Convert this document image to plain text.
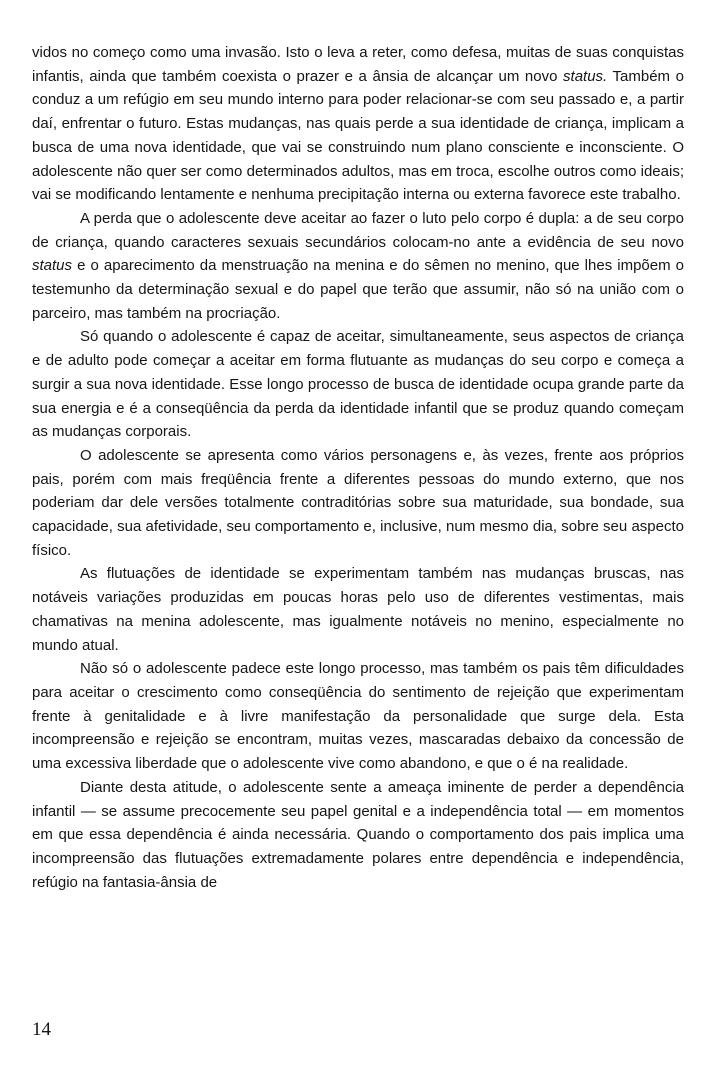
vidos no começo como uma invasão. Isto o leva a reter, como defesa, muitas de suas conquistas infantis, ainda que também coexista o prazer e a ânsia de alcançar um novo status. Também o conduz a um refúgio em seu mundo interno para poder relacionar-se com seu passado e, a partir daí, enfrentar o futuro. Estas mudanças, nas quais perde a sua identidade de criança, implicam a busca de uma nova identidade, que vai se construindo num plano consciente e inconsciente. O adolescente não quer ser como determinados adultos, mas em troca, escolhe outros como ideais; vai se modificando lentamente e nenhuma precipitação interna ou externa favorece este trabalho.

A perda que o adolescente deve aceitar ao fazer o luto pelo corpo é dupla: a de seu corpo de criança, quando caracteres sexuais secundários colocam-no ante a evidência de seu novo status e o aparecimento da menstruação na menina e do sêmen no menino, que lhes impõem o testemunho da determinação sexual e do papel que terão que assumir, não só na união com o parceiro, mas também na procriação.

Só quando o adolescente é capaz de aceitar, simultaneamente, seus aspectos de criança e de adulto pode começar a aceitar em forma flutuante as mudanças do seu corpo e começa a surgir a sua nova identidade. Esse longo processo de busca de identidade ocupa grande parte da sua energia e é a conseqüência da perda da identidade infantil que se produz quando começam as mudanças corporais.

O adolescente se apresenta como vários personagens e, às vezes, frente aos próprios pais, porém com mais freqüência frente a diferentes pessoas do mundo externo, que nos poderiam dar dele versões totalmente contraditórias sobre sua maturidade, sua bondade, sua capacidade, sua afetividade, seu comportamento e, inclusive, num mesmo dia, sobre seu aspecto físico.

As flutuações de identidade se experimentam também nas mudanças bruscas, nas notáveis variações produzidas em poucas horas pelo uso de diferentes vestimentas, mais chamativas na menina adolescente, mas igualmente notáveis no menino, especialmente no mundo atual.

Não só o adolescente padece este longo processo, mas também os pais têm dificuldades para aceitar o crescimento como conseqüência do sentimento de rejeição que experimentam frente à genitalidade e à livre manifestação da personalidade que surge dela. Esta incompreensão e rejeição se encontram, muitas vezes, mascaradas debaixo da concessão de uma excessiva liberdade que o adolescente vive como abandono, e que o é na realidade.

Diante desta atitude, o adolescente sente a ameaça iminente de perder a dependência infantil — se assume precocemente seu papel genital e a independência total — em momentos em que essa dependência é ainda necessária. Quando o comportamento dos pais implica uma incompreensão das flutuações extremadamente polares entre dependência e independência, refúgio na fantasia-ânsia de

14
